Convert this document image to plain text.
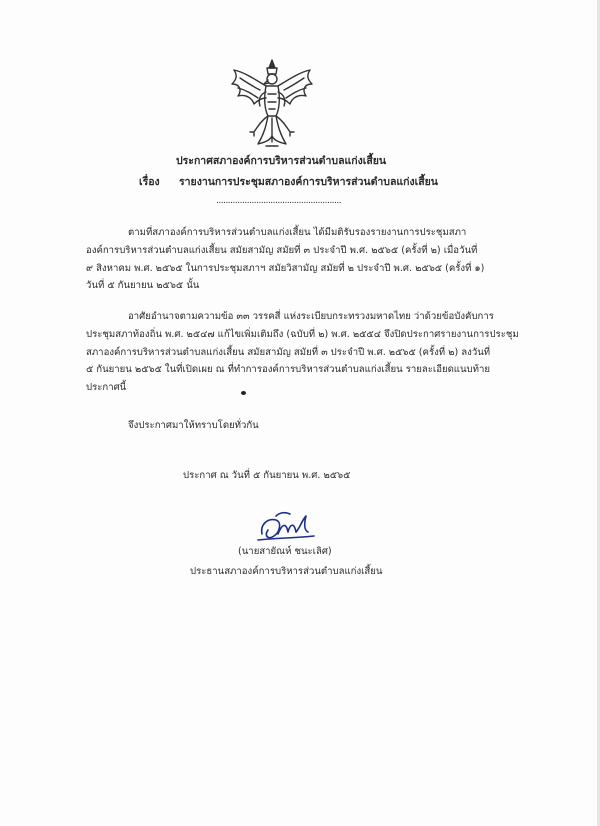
ประกาศสภาองค์การบริหารส่วนตำบลแก่งเสี้ยน
เรื่อง รายงานการประชุมสภาองค์การบริหารส่วนตำบลแก่งเสี้ยน
.....................................................
ตามที่สภาองค์การบริหารส่วนตำบลแก่งเสี้ยน ได้มีมติรับรองรายงานการประชุมสภา
องค์การบริหารส่วนตำบลแก่งเสี้ยน สมัยสามัญ สมัยที่ ๓ ประจำปี พ.ศ. ๒๕๖๕ (ครั้งที่ ๒) เมื่อวันที่
๙ สิงหาคม พ.ศ. ๒๕๖๕ ในการประชุมสภาฯ สมัยวิสามัญ สมัยที่ ๒ ประจำปี พ.ศ. ๒๕๖๕ (ครั้งที่ ๑)
วันที่ ๕ กันยายน ๒๕๖๕ นั้น
อาศัยอำนาจตามความข้อ ๓๓ วรรคสี่ แห่งระเบียบกระทรวงมหาดไทย ว่าด้วยข้อบังคับการ
ประชุมสภาท้องถิ่น พ.ศ. ๒๕๔๗ แก้ไขเพิ่มเติมถึง (ฉบับที่ ๒) พ.ศ. ๒๕๕๔ จึงปิดประกาศรายงานการประชุม
สภาองค์การบริหารส่วนตำบลแก่งเสี้ยน สมัยสามัญ สมัยที่ ๓ ประจำปี พ.ศ. ๒๕๖๕ (ครั้งที่ ๒) ลงวันที่
๕ กันยายน ๒๕๖๕ ในที่เปิดเผย ณ ที่ทำการองค์การบริหารส่วนตำบลแก่งเสี้ยน รายละเอียดแนบท้าย
ประกาศนี้
จึงประกาศมาให้ทราบโดยทั่วกัน
ประกาศ ณ วันที่ ๕ กันยายน พ.ศ. ๒๕๖๕
(นายสายัณห์ ชนะเลิศ)
ประธานสภาองค์การบริหารส่วนตำบลแก่งเสี้ยน
